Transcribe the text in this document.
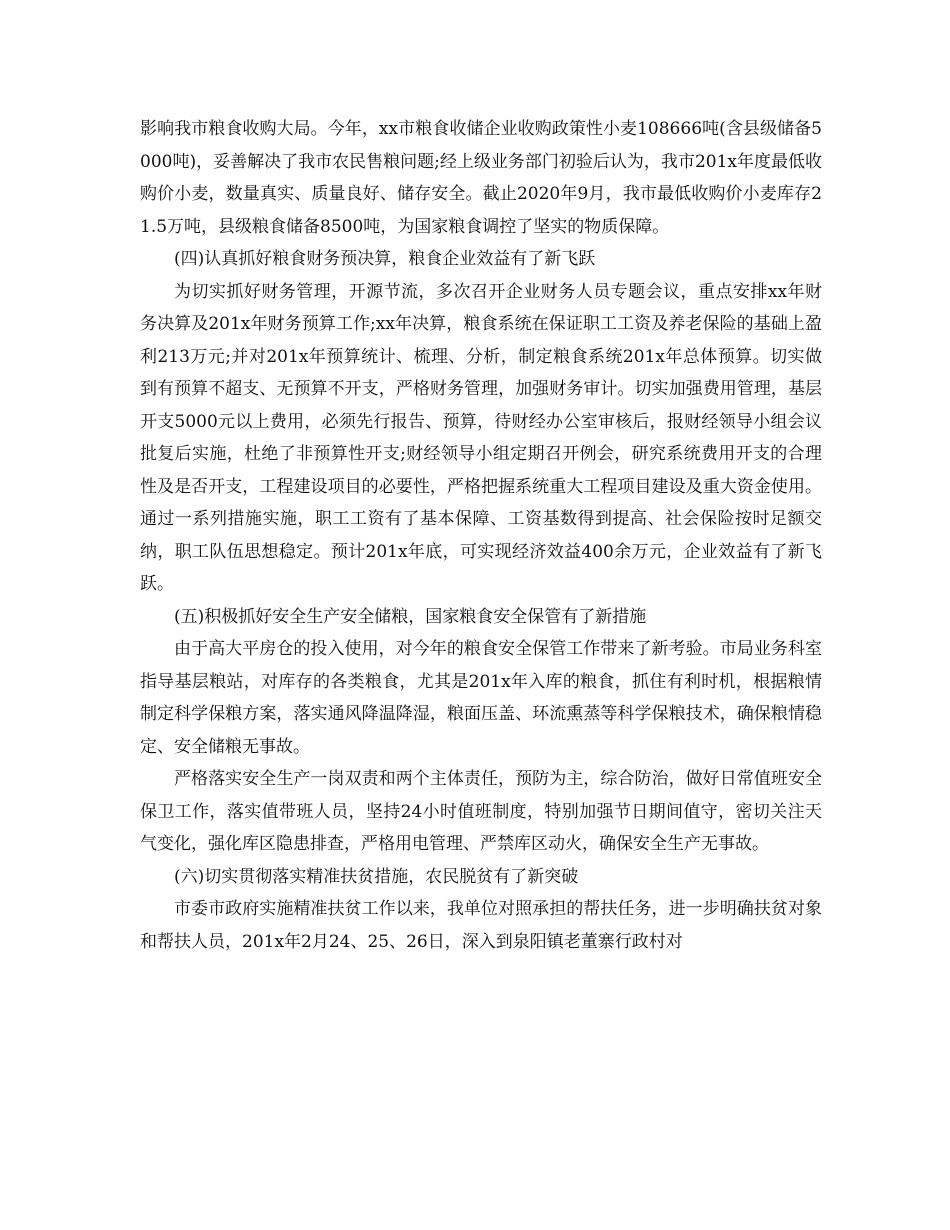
影响我市粮食收购大局。今年，xx市粮食收储企业收购政策性小麦108666吨(含县级储备5000吨)，妥善解决了我市农民售粮问题;经上级业务部门初验后认为，我市201x年度最低收购价小麦，数量真实、质量良好、储存安全。截止2020年9月，我市最低收购价小麦库存21.5万吨，县级粮食储备8500吨，为国家粮食调控了坚实的物质保障。

(四)认真抓好粮食财务预决算，粮食企业效益有了新飞跃

为切实抓好财务管理，开源节流，多次召开企业财务人员专题会议，重点安排xx年财务决算及201x年财务预算工作;xx年决算，粮食系统在保证职工工资及养老保险的基础上盈利213万元;并对201x年预算统计、梳理、分析，制定粮食系统201x年总体预算。切实做到有预算不超支、无预算不开支，严格财务管理，加强财务审计。切实加强费用管理，基层开支5000元以上费用，必须先行报告、预算，待财经办公室审核后，报财经领导小组会议批复后实施，杜绝了非预算性开支;财经领导小组定期召开例会，研究系统费用开支的合理性及是否开支，工程建设项目的必要性，严格把握系统重大工程项目建设及重大资金使用。通过一系列措施实施，职工工资有了基本保障、工资基数得到提高、社会保险按时足额交纳，职工队伍思想稳定。预计201x年底，可实现经济效益400余万元，企业效益有了新飞跃。

(五)积极抓好安全生产安全储粮，国家粮食安全保管有了新措施

由于高大平房仓的投入使用，对今年的粮食安全保管工作带来了新考验。市局业务科室指导基层粮站，对库存的各类粮食，尤其是201x年入库的粮食，抓住有利时机，根据粮情制定科学保粮方案，落实通风降温降湿，粮面压盖、环流熏蒸等科学保粮技术，确保粮情稳定、安全储粮无事故。

严格落实安全生产一岗双责和两个主体责任，预防为主，综合防治，做好日常值班安全保卫工作，落实值带班人员，坚持24小时值班制度，特别加强节日期间值守，密切关注天气变化，强化库区隐患排查，严格用电管理、严禁库区动火，确保安全生产无事故。

(六)切实贯彻落实精准扶贫措施，农民脱贫有了新突破

市委市政府实施精准扶贫工作以来，我单位对照承担的帮扶任务，进一步明确扶贫对象和帮扶人员，201x年2月24、25、26日，深入到泉阳镇老董寨行政村对
